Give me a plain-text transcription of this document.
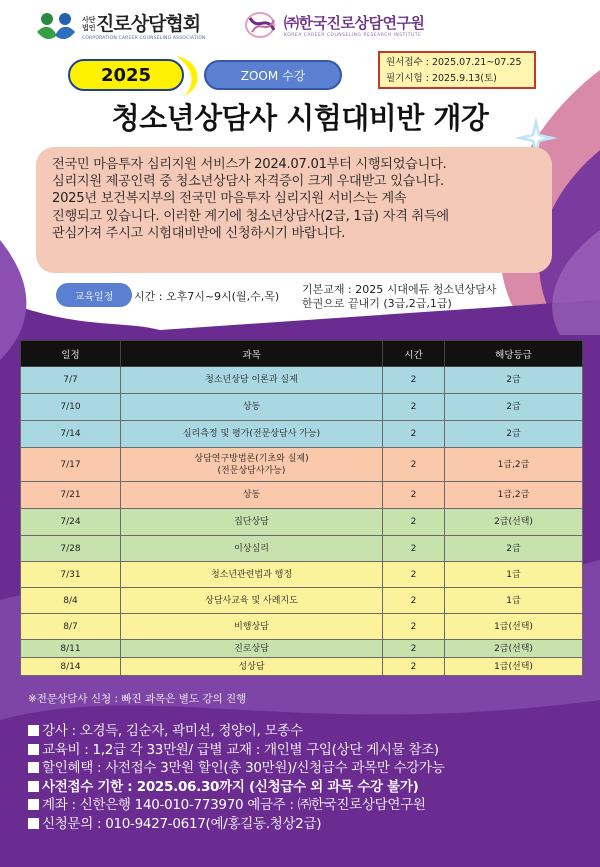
사단법인진로상담협회
CORPORATION CAREER COUNSELING ASSOCIATION
㈜한국진로상담연구원
KOREA CAREER COUNSELING RESEARCH INSTITUTE
2025	ZOOM 수강
원서접수 : 2025.07.21~07.25
필기시험 : 2025.9.13(토)
청소년상담사 시험대비반 개강

전국민 마음투자 심리지원 서비스가 2024.07.01부터 시행되었습니다.

심리지원 제공인력 중 청소년상담사 자격증이 크게 우대받고 있습니다.

2025년 보건복지부의 전국민 마음투자 심리지원 서비스는 계속

진행되고 있습니다. 이러한 계기에 청소년상담사(2급, 1급) 자격 취득에

관심가져 주시고 시험대비반에 신청하시기 바랍니다.

교육일정	시간 : 오후7시~9시(월,수,목)
기본교재 : 2025 시대에듀 청소년상담사
한권으로 끝내기 (3급,2급,1급)
일정	과목	시간	해당등급
7/7	청소년상담 이론과 실제	2	2급
7/10	상동	2	2급
7/14	심리측정 및 평가(전문상담사 가능)	2	2급
7/17	상담연구방법론(기초와 실제)
(전문상담사가능)	2	1급,2급
7/21	상동	2	1급,2급
7/24	집단상담	2	2급(선택)
7/28	이상심리	2	2급
7/31	청소년관련법과 행정	2	1급
8/4	상담사교육 및 사례지도	2	1급
8/7	비행상담	2	1급(선택)
8/11	진로상담	2	2급(선택)
8/14	성상담	2	1급(선택)
※전문상담사 신청 : 빠진 과목은 별도 강의 진행
강사 : 오경득, 김순자, 곽미선, 정양이, 모종수
교육비 : 1,2급 각 33만원/ 급별 교재 : 개인별 구입(상단 게시물 참조)
할인혜택 : 사전접수 3만원 할인(총 30만원)/신청급수 과목만 수강가능
사전접수 기한 : 2025.06.30까지 (신청급수 외 과목 수강 불가)
계좌 : 신한은행 140-010-773970 예금주 : ㈜한국진로상담연구원
신청문의 : 010-9427-0617(예/홍길동.청상2급)
